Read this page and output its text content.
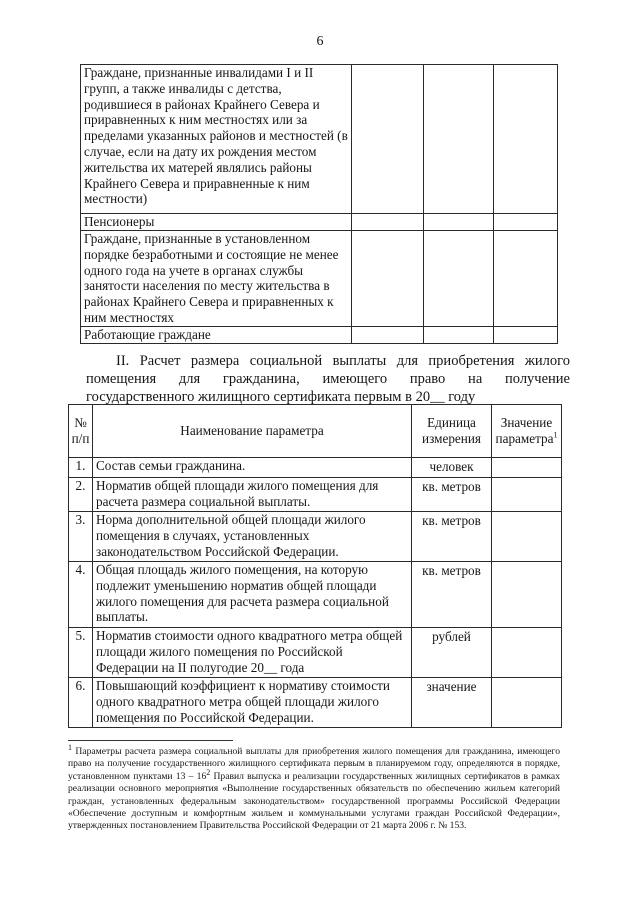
6
Граждане, признанные инвалидами I и II групп, а также инвалиды с детства, родившиеся в районах Крайнего Севера и приравненных к ним местностях или за пределами указанных районов и местностей (в случае, если на дату их рождения местом жительства их матерей являлись районы Крайнего Севера и приравненные к ним местности)			
Пенсионеры			
Граждане, признанные в установленном порядке безработными и состоящие не менее одного года на учете в органах службы занятости населения по месту жительства в районах Крайнего Севера и приравненных к ним местностях			
Работающие граждане			
II. Расчет размера социальной выплаты для приобретения жилого
помещения для гражданина, имеющего право на получение
государственного жилищного сертификата первым в 20__ году
№ п/п	Наименование параметра	Единица измерения	Значение параметра$^1$
1.	Состав семьи гражданина.	человек	
2.	Норматив общей площади жилого помещения для расчета размера социальной выплаты.	кв. метров	
3.	Норма дополнительной общей площади жилого помещения в случаях, установленных законодательством Российской Федерации.	кв. метров	
4.	Общая площадь жилого помещения, на которую подлежит уменьшению норматив общей площади жилого помещения для расчета размера социальной выплаты.	кв. метров	
5.	Норматив стоимости одного квадратного метра общей площади жилого помещения по Российской Федерации на II полугодие 20__ года	рублей	
6.	Повышающий коэффициент к нормативу стоимости одного квадратного метра общей площади жилого помещения по Российской Федерации.	значение	
$^1$ Параметры расчета размера социальной выплаты для приобретения жилого помещения для гражданина, имеющего право на получение государственного жилищного сертификата первым в планируемом году, определяются в порядке, установленном пунктами $13 - 16^2$ Правил выпуска и реализации государственных жилищных сертификатов в рамках реализации основного мероприятия «Выполнение государственных обязательств по обеспечению жильем категорий граждан, установленных федеральным законодательством» государственной программы Российской Федерации «Обеспечение доступным и комфортным жильем и коммунальными услугами граждан Российской Федерации», утвержденных постановлением Правительства Российской Федерации от 21 марта 2006 г. № 153.
